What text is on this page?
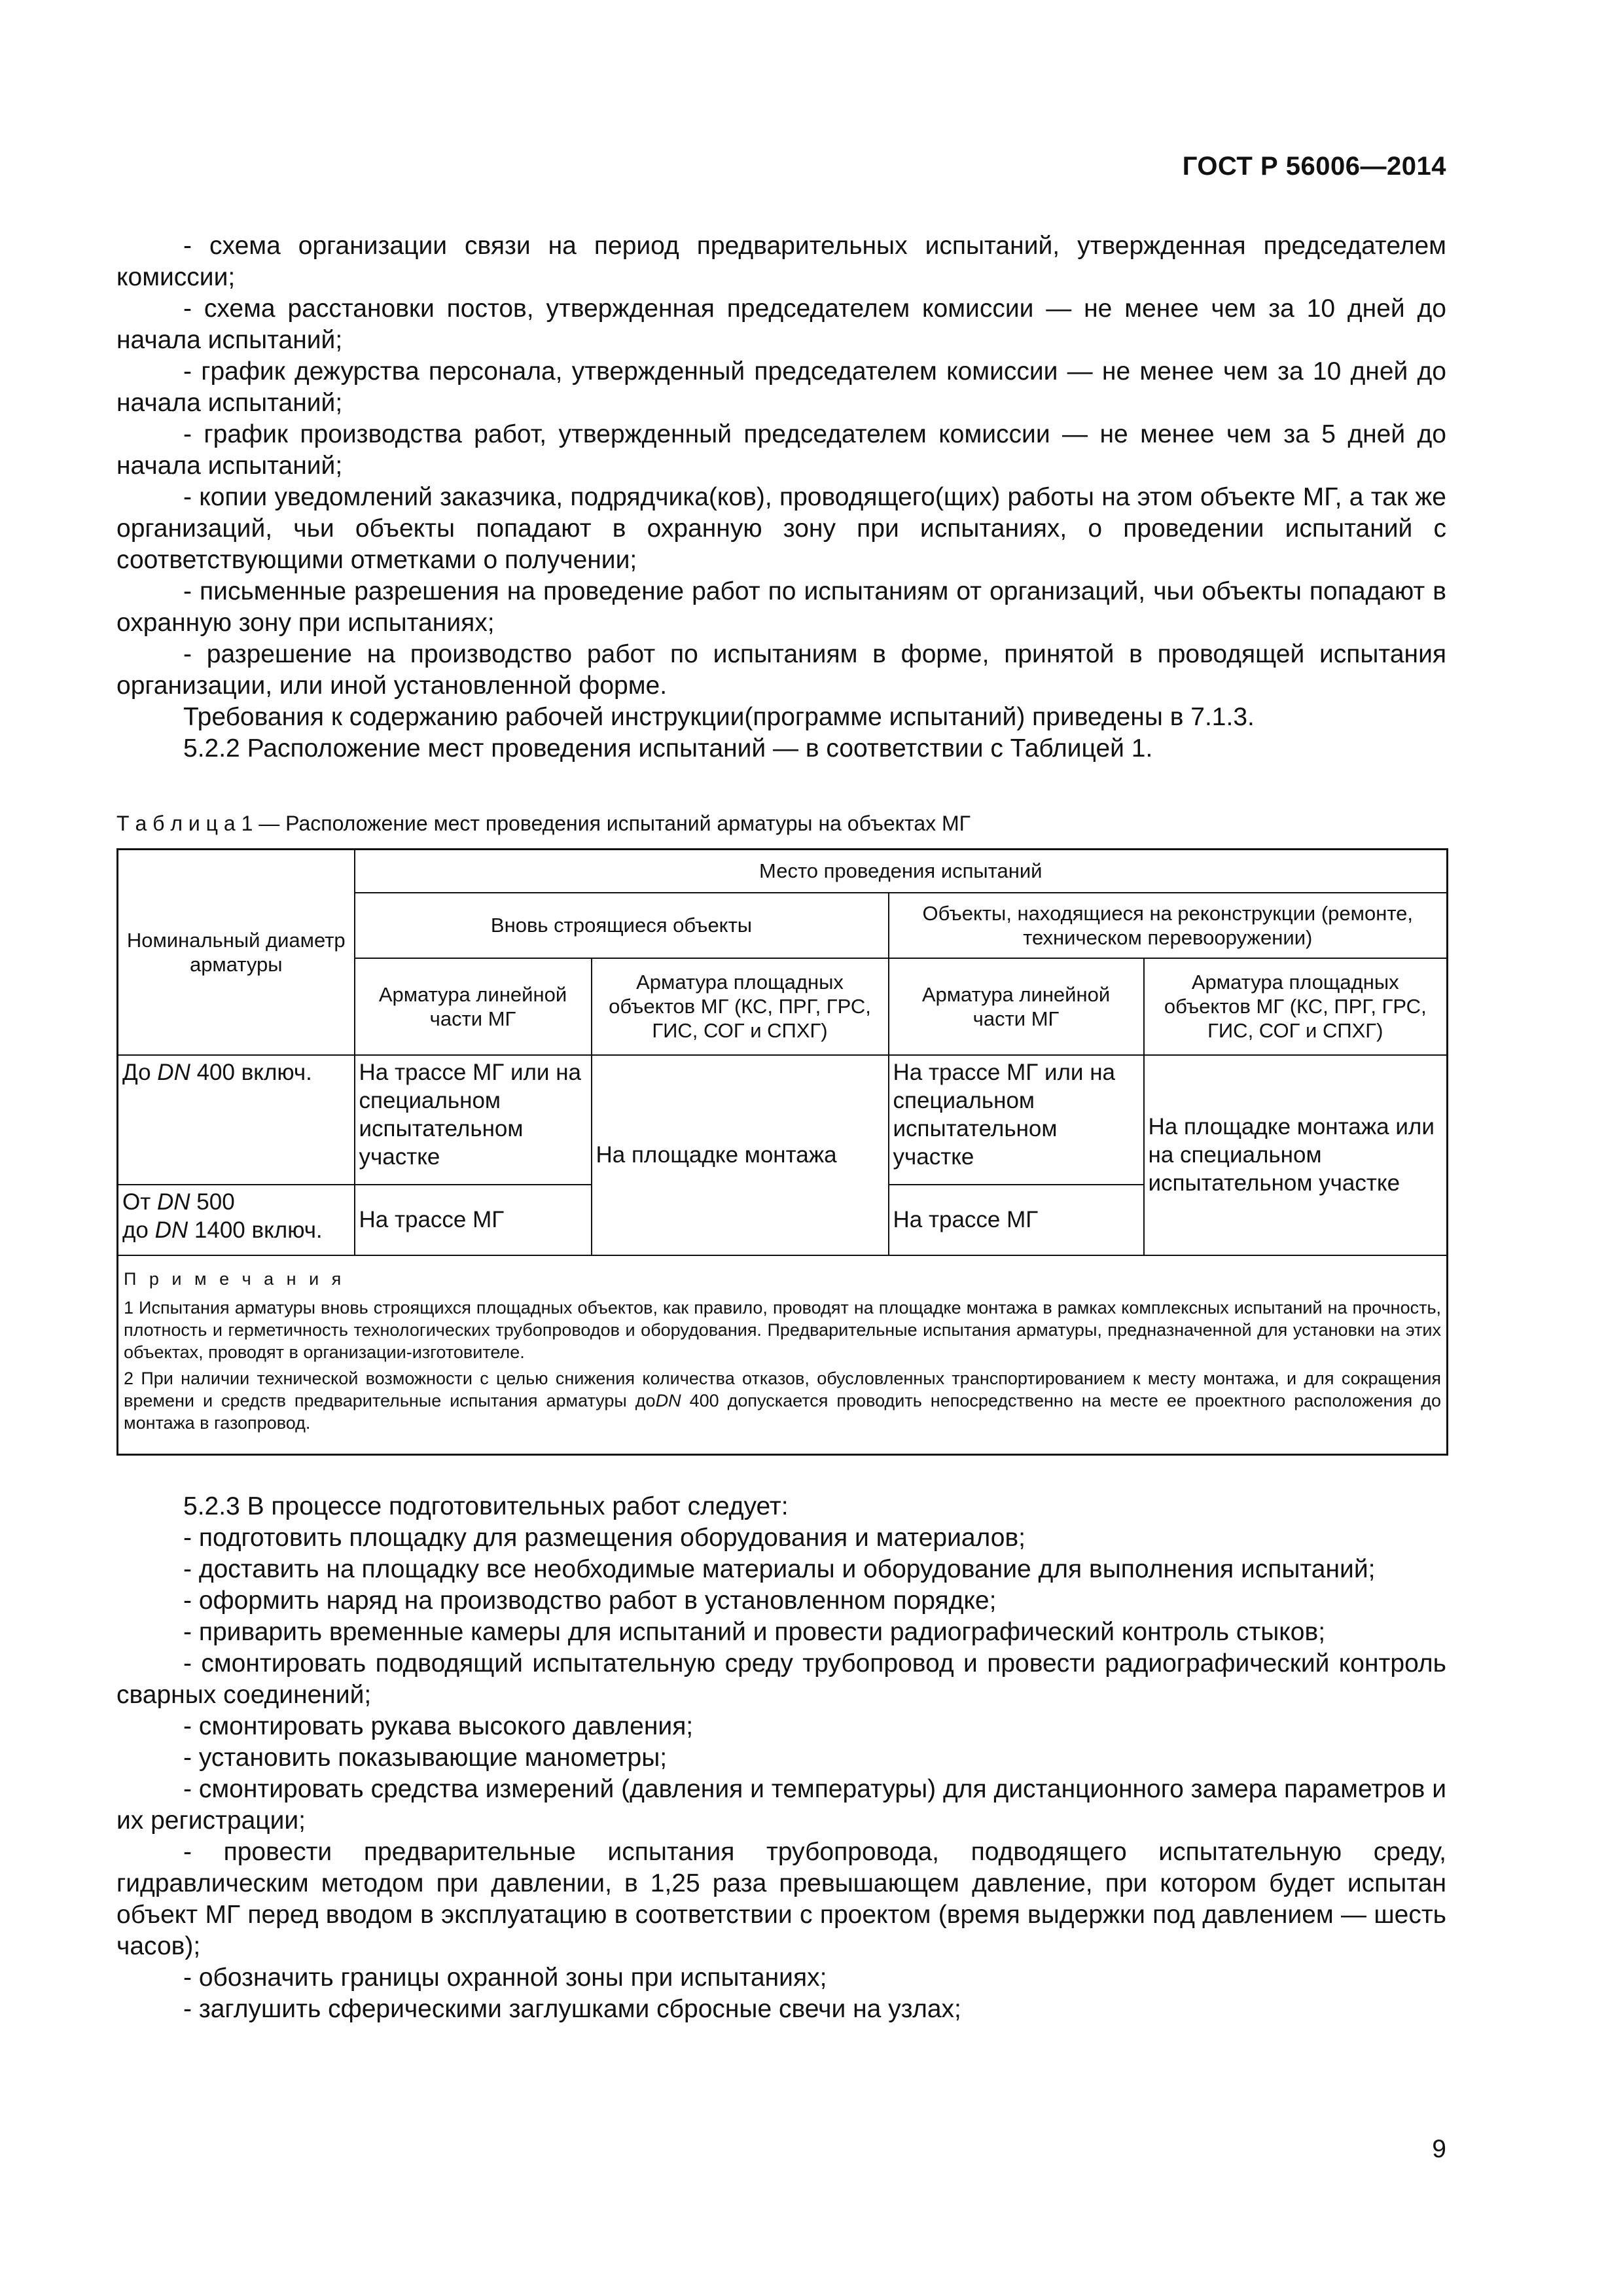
ГОСТ Р 56006—2014

- схема организации связи на период предварительных испытаний, утвержденная председателем комиссии;

- схема расстановки постов, утвержденная председателем комиссии — не менее чем за 10 дней до начала испытаний;

- график дежурства персонала, утвержденный председателем комиссии — не менее чем за 10 дней до начала испытаний;

- график производства работ, утвержденный председателем комиссии — не менее чем за 5 дней до начала испытаний;

- копии уведомлений заказчика, подрядчика(ков), проводящего(щих) работы на этом объекте МГ, а так же организаций, чьи объекты попадают в охранную зону при испытаниях, о проведении испытаний с соответствующими отметками о получении;

- письменные разрешения на проведение работ по испытаниям от организаций, чьи объекты попадают в охранную зону при испытаниях;

- разрешение на производство работ по испытаниям в форме, принятой в проводящей испытания организации, или иной установленной форме.

Требования к содержанию рабочей инструкции(программе испытаний) приведены в 7.1.3.

5.2.2 Расположение мест проведения испытаний — в соответствии с Таблицей 1.

Т а б л и ц а 1 — Расположение мест проведения испытаний арматуры на объектах МГ
Номинальный диаметр арматуры	Место проведения испытаний			
	Вновь строящиеся объекты		Объекты, находящиеся на реконструкции (ремонте, техническом перевооружении)	
	Арматура линейной части МГ	Арматура площадных объектов МГ (КС, ПРГ, ГРС, ГИС, СОГ и СПХГ)	Арматура линейной части МГ	Арматура площадных объектов МГ (КС, ПРГ, ГРС, ГИС, СОГ и СПХГ)
До DN 400 включ.	На трассе МГ или на специальном испытательном участке	На площадке монтажа	На трассе МГ или на специальном испытательном участке	На площадке монтажа или на специальном испытательном участке
От DN 500
до DN 1400 включ.	На трассе МГ		На трассе МГ	

П р и м е ч а н и я

1 Испытания арматуры вновь строящихся площадных объектов, как правило, проводят на площадке монтажа в рамках комплексных испытаний на прочность, плотность и герметичность технологических трубопроводов и оборудования. Предварительные испытания арматуры, предназначенной для установки на этих объектах, проводят в организации-изготовителе.

2 При наличии технической возможности с целью снижения количества отказов, обусловленных транспортированием к месту монтажа, и для сокращения времени и средств предварительные испытания арматуры доDN 400 допускается проводить непосредственно на месте ее проектного расположения до монтажа в газопровод.				

5.2.3 В процессе подготовительных работ следует:

- подготовить площадку для размещения оборудования и материалов;

- доставить на площадку все необходимые материалы и оборудование для выполнения испытаний;

- оформить наряд на производство работ в установленном порядке;

- приварить временные камеры для испытаний и провести радиографический контроль стыков;

- смонтировать подводящий испытательную среду трубопровод и провести радиографический контроль сварных соединений;

- смонтировать рукава высокого давления;

- установить показывающие манометры;

- смонтировать средства измерений (давления и температуры) для дистанционного замера параметров и их регистрации;

- провести предварительные испытания трубопровода, подводящего испытательную среду, гидравлическим методом при давлении, в 1,25 раза превышающем давление, при котором будет испытан объект МГ перед вводом в эксплуатацию в соответствии с проектом (время выдержки под давлением — шесть часов);

- обозначить границы охранной зоны при испытаниях;

- заглушить сферическими заглушками сбросные свечи на узлах;

9
